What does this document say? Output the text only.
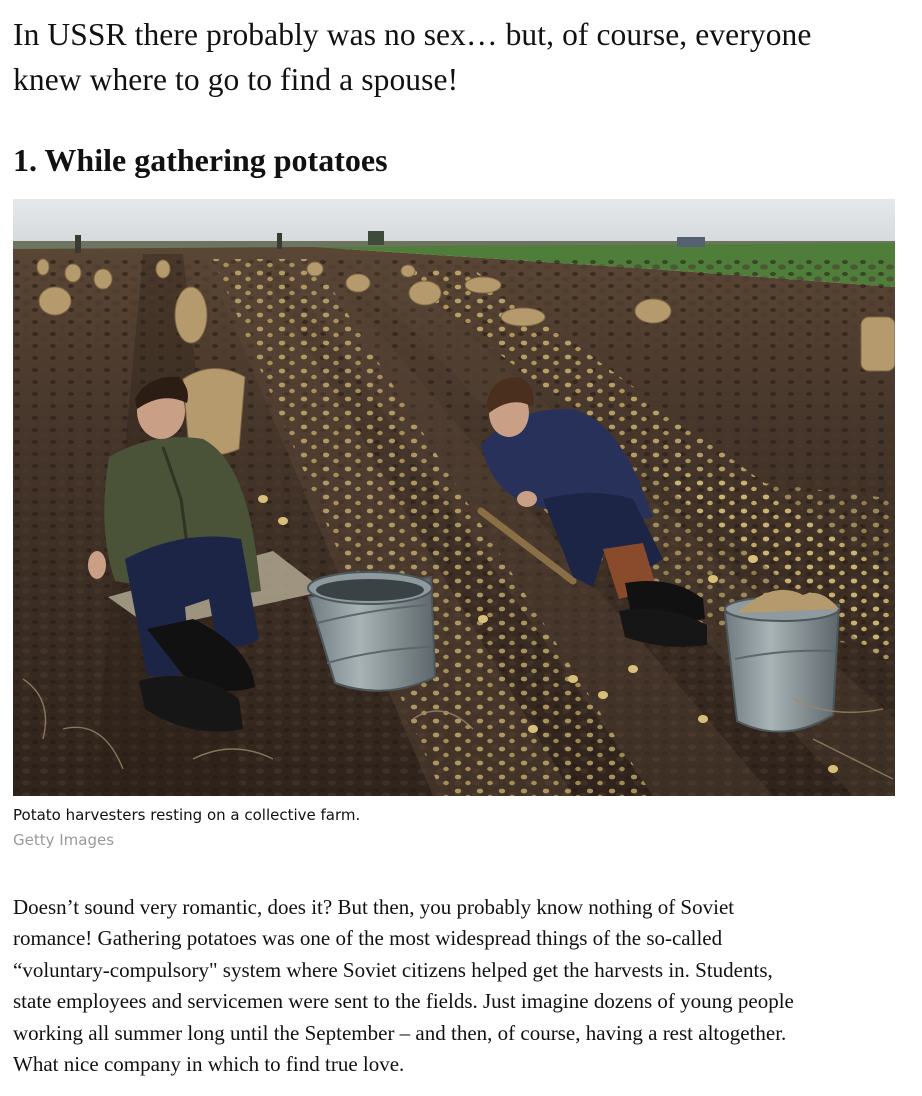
In USSR there probably was no sex… but, of course, everyone
knew where to go to find a spouse!
1. While gathering potatoes
Potato harvesters resting on a collective farm.
Getty Images

Doesn’t sound very romantic, does it? But then, you probably know nothing of Soviet
romance! Gathering potatoes was one of the most widespread things of the so-called
“voluntary-compulsory" system where Soviet citizens helped get the harvests in. Students,
state employees and servicemen were sent to the fields. Just imagine dozens of young people
working all summer long until the September – and then, of course, having a rest altogether.
What nice company in which to find true love.
